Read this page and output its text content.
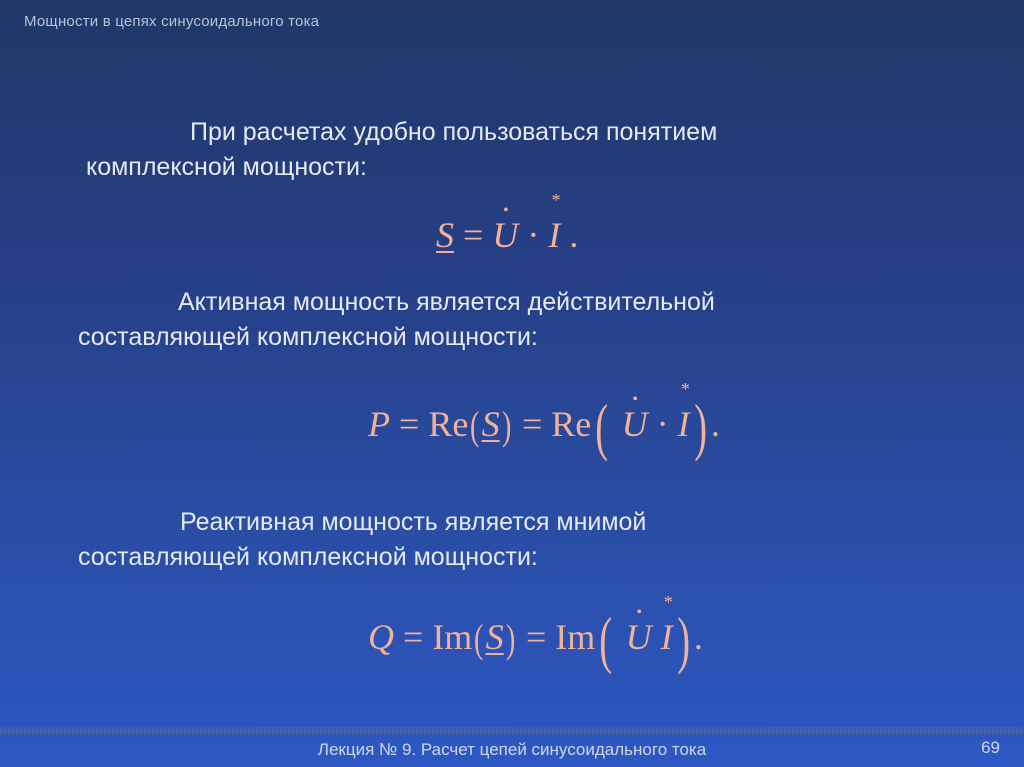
Мощности в цепях синусоидального тока
При расчетах удобно пользоваться понятием
комплексной мощности:
S = • U · * I .
Активная мощность является действительной
составляющей комплексной мощности:
P = Re(S) = Re( • U · * I) .
Реактивная мощность является мнимой
составляющей комплексной мощности:
Q = Im(S) = Im( • U * I) .
Лекция № 9. Расчет цепей синусоидального тока	69
